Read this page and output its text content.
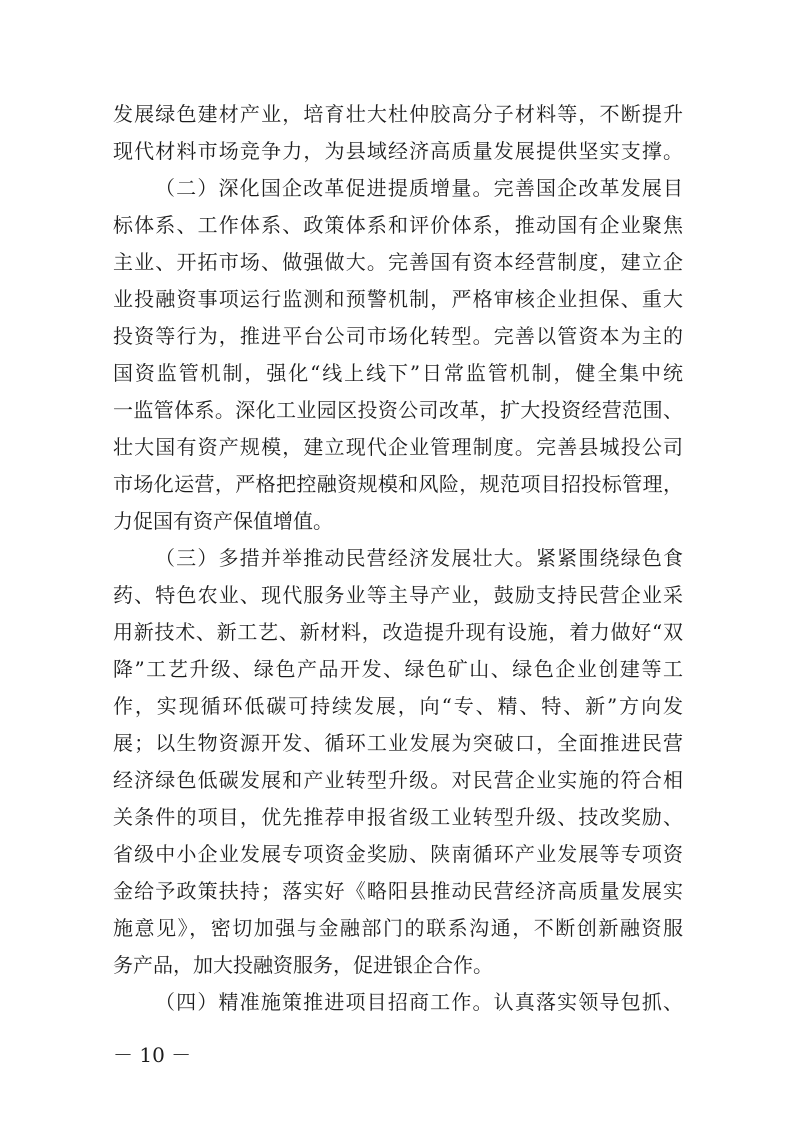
发展绿色建材产业，培育壮大杜仲胶高分子材料等，不断提升
现代材料市场竞争力，为县域经济高质量发展提供坚实支撑。
（二）深化国企改革促进提质增量。完善国企改革发展目
标体系、工作体系、政策体系和评价体系，推动国有企业聚焦
主业、开拓市场、做强做大。完善国有资本经营制度，建立企
业投融资事项运行监测和预警机制，严格审核企业担保、重大
投资等行为，推进平台公司市场化转型。完善以管资本为主的
国资监管机制，强化“线上线下”日常监管机制，健全集中统
一监管体系。深化工业园区投资公司改革，扩大投资经营范围、
壮大国有资产规模，建立现代企业管理制度。完善县城投公司
市场化运营，严格把控融资规模和风险，规范项目招投标管理，
力促国有资产保值增值。
（三）多措并举推动民营经济发展壮大。紧紧围绕绿色食
药、特色农业、现代服务业等主导产业，鼓励支持民营企业采
用新技术、新工艺、新材料，改造提升现有设施，着力做好“双
降”工艺升级、绿色产品开发、绿色矿山、绿色企业创建等工
作，实现循环低碳可持续发展，向“专、精、特、新”方向发
展；以生物资源开发、循环工业发展为突破口，全面推进民营
经济绿色低碳发展和产业转型升级。对民营企业实施的符合相
关条件的项目，优先推荐申报省级工业转型升级、技改奖励、
省级中小企业发展专项资金奖励、陕南循环产业发展等专项资
金给予政策扶持；落实好《略阳县推动民营经济高质量发展实
施意见》，密切加强与金融部门的联系沟通，不断创新融资服
务产品，加大投融资服务，促进银企合作。
（四）精准施策推进项目招商工作。认真落实领导包抓、
－ 10 －
